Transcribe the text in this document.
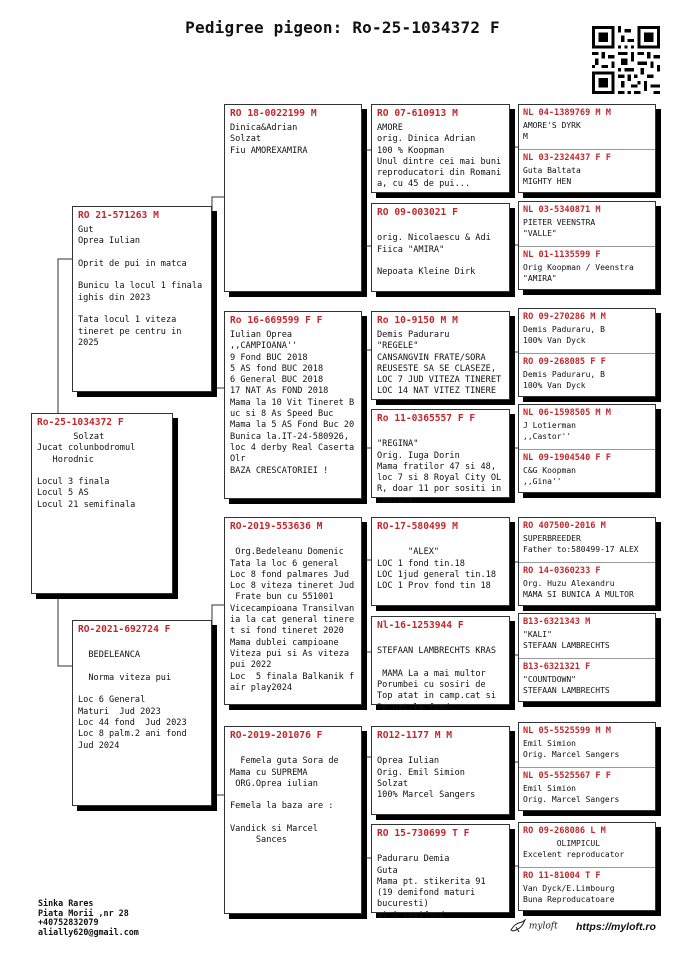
Pedigree pigeon: Ro-25-1034372 F
Ro-25-1034372 F
Solzat
Jucat colunbodromul
Horodnic

Locul 3 finala
Locul 5 AS
Locul 21 semifinala
RO 21-571263 M
Gut
Oprea Iulian

Oprit de pui in matca

Bunicu la locul 1 finala
ighis din 2023

Tata locul 1 viteza
tineret pe centru in
2025
RO-2021-692724 F

BEDELEANCA

Norma viteza pui

Loc 6 General
Maturi  Jud 2023
Loc 44 fond  Jud 2023
Loc 8 palm.2 ani fond
Jud 2024
RO 18-0022199 M
Dinica&Adrian
Solzat
Fiu AMOREXAMIRA
Ro 16-669599 F F
Iulian Oprea
,,CAMPIOANA''
9 Fond BUC 2018
5 AS fond BUC 2018
6 General BUC 2018
17 NAT As FOND 2018
Mama la 10 Vit Tineret B
uc si 8 As Speed Buc
Mama la 5 AS Fond Buc 20
Bunica la.IT-24-580926,
loc 4 derby Real Caserta
Olr
BAZA CRESCATORIEI !
RO-2019-553636 M

Org.Bedeleanu Domenic
Tata la loc 6 general
Loc 8 fond palmares Jud
Loc 8 viteza tineret Jud
Frate bun cu 551001
Vicecampioana Transilvan
ia la cat general tinere
t si fond tineret 2020
Mama dublei campioane
Viteza pui si As viteza
pui 2022
Loc  5 finala Balkanik f
air play2024
RO-2019-201076 F

Femela guta Sora de
Mama cu SUPREMA
ORG.Oprea iulian

Femela la baza are :

Vandick si Marcel
Sances
RO 07-610913 M
AMORE
orig. Dinica Adrian
100 % Koopman
Unul dintre cei mai buni
reproducatori din Romani
a, cu 45 de pui...
RO 09-003021 F

orig. Nicolaescu & Adi
Fiica "AMIRA"

Nepoata Kleine Dirk
Ro 10-9150 M M
Demis Paduraru
"REGELE"
CANSANGVIN FRATE/SORA
REUSESTE SA SE CLASEZE,
LOC 7 JUD VITEZA TINERET
LOC 14 NAT VITEZ TINERE
Ro 11-0365557 F F

"REGINA"
Orig. Iuga Dorin
Mama fratilor 47 si 48,
loc 7 si 8 Royal City OL
R, doar 11 por sositi in
concurs...
RO-17-580499 M

"ALEX"
LOC 1 fond tin.18
LOC 1jud general tin.18
LOC 1 Prov fond tin 18
Nl-16-1253944 F

STEFAAN LAMBRECHTS KRAS

MAMA La a mai multor
Porumbei cu sosiri de
Top atat in camp.cat si
Pe nat.la fond...
RO12-1177 M M

Oprea Iulian
Orig. Emil Simion
Solzat
100% Marcel Sangers
RO 15-730699 T F

Paduraru Demia
Guta
Mama pt. stikerita 91
(19 demifond maturi
bucuresti)
si 8 semifond ...
NL 04-1389769 M M
AMORE'S DYRK
M
NL 03-2324437 F F
Guta Baltata
MIGHTY HEN
NL 03-5340871 M
PIETER VEENSTRA
"VALLE"
NL 01-1135599 F
Orig Koopman / Veenstra
"AMIRA"
RO 09-270286 M M
Demis Paduraru, B
100% Van Dyck
RO 09-268085 F F
Demis Paduraru, B
100% Van Dyck
NL 06-1598505 M M
J Lotierman
,,Castor''
NL 09-1904540 F F
C&G Koopman
,,Gina''
RO 407500-2016 M
SUPERBREEDER
Father to:580499-17 ALEX
RO 14-0360233 F
Org. Huzu Alexandru
MAMA SI BUNICA A MULTOR
B13-6321343 M
"KALI"
STEFAAN LAMBRECHTS
B13-6321321 F
"COUNTDOWN"
STEFAAN LAMBRECHTS
NL 05-5525599 M M
Emil Simion
Orig. Marcel Sangers
NL 05-5525567 F F
Emil Simion
Orig. Marcel Sangers
RO 09-268086 L M
OLIMPICUL
Excelent reproducator
RO 11-81004 T F
Van Dyck/E.Limbourg
Buna Reproducatoare
Sinka Rares
Piata Morii ,nr 28
+40752832079
alially620@gmail.com
myloft https://myloft.ro
